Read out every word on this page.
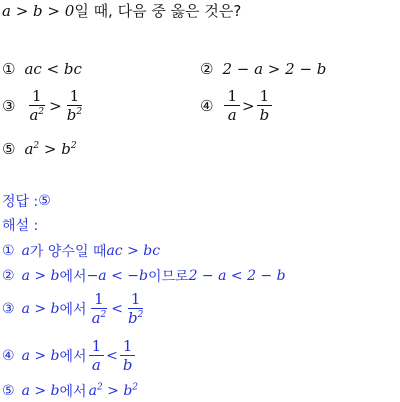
a > b > 0일 때, 다음 중 옳은 것은?
① ac < bc	② 2 − a > 2 − b
③ $\frac{1}{a^2} > \frac{1}{b^2}$	④ $\frac{1}{a} > \frac{1}{b}$
⑤ $a^2 > b^2$
정답 : ⑤
해설 :
① a 가 양수일 때 ac > bc
② a > b 에서 −a < −b 이므로 2 − a < 2 − b
③ a > b 에서 $\frac{1}{a^2} < \frac{1}{b^2}$
④ a > b 에서 $\frac{1}{a} < \frac{1}{b}$
⑤ a > b 에서 $a^2 > b^2$
